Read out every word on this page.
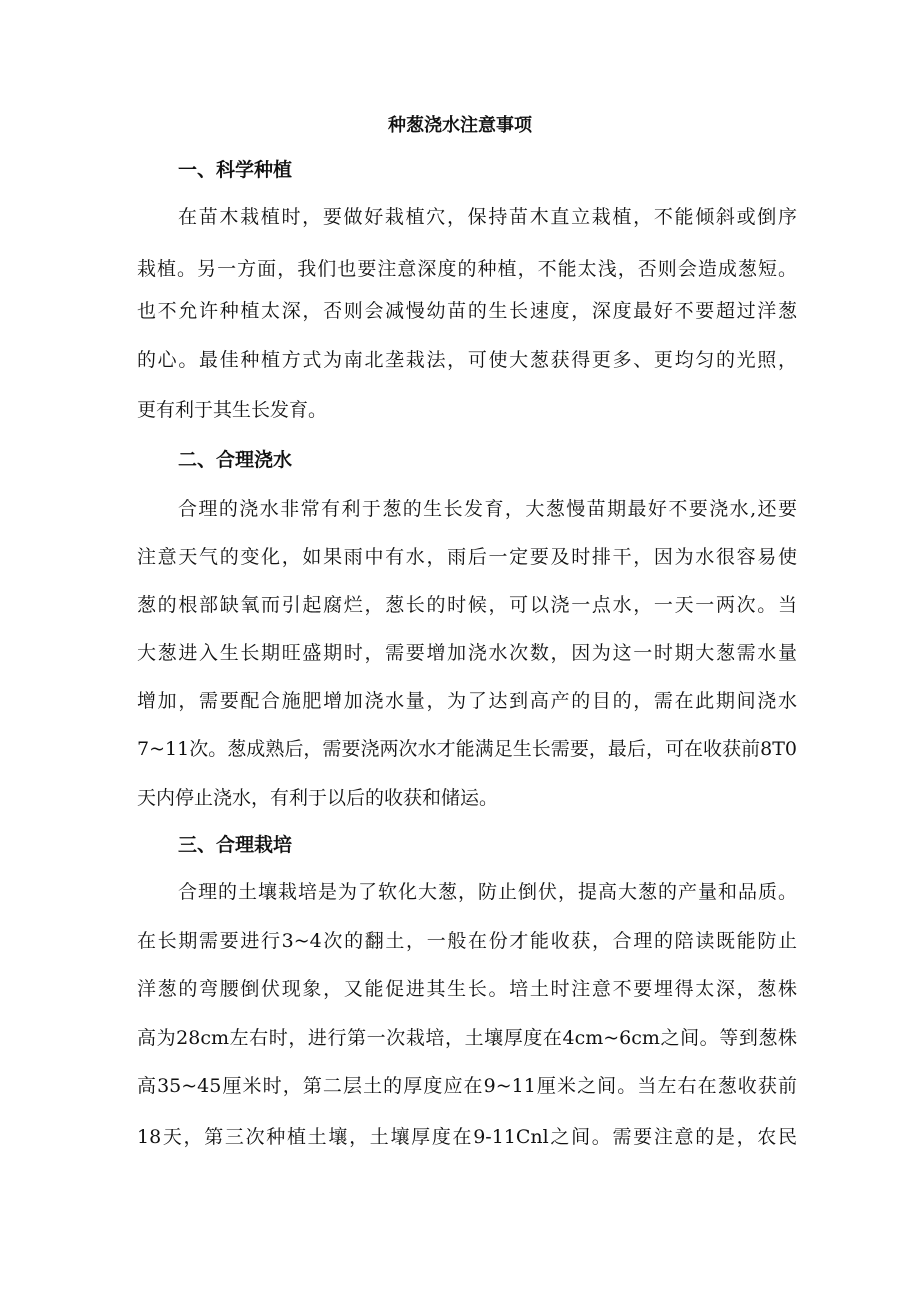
种葱浇水注意事项
一、科学种植

在苗木栽植时，要做好栽植穴，保持苗木直立栽植，不能倾斜或倒序

栽植。另一方面，我们也要注意深度的种植，不能太浅，否则会造成葱短。

也不允许种植太深，否则会减慢幼苗的生长速度，深度最好不要超过洋葱

的心。最佳种植方式为南北垄栽法，可使大葱获得更多、更均匀的光照，

更有利于其生长发育。

二、合理浇水

合理的浇水非常有利于葱的生长发育，大葱慢苗期最好不要浇水,还要

注意天气的变化，如果雨中有水，雨后一定要及时排干，因为水很容易使

葱的根部缺氧而引起腐烂，葱长的时候，可以浇一点水，一天一两次。当

大葱进入生长期旺盛期时，需要增加浇水次数，因为这一时期大葱需水量

增加，需要配合施肥增加浇水量，为了达到高产的目的，需在此期间浇水

7~11次。葱成熟后，需要浇两次水才能满足生长需要，最后，可在收获前8T0

天内停止浇水，有利于以后的收获和储运。

三、合理栽培

合理的土壤栽培是为了软化大葱，防止倒伏，提高大葱的产量和品质。

在长期需要进行3~4次的翻土，一般在份才能收获，合理的陪读既能防止

洋葱的弯腰倒伏现象，又能促进其生长。培土时注意不要埋得太深，葱株

高为28cm左右时，进行第一次栽培，土壤厚度在4cm~6cm之间。等到葱株

高35~45厘米时，第二层土的厚度应在9~11厘米之间。当左右在葱收获前

18天，第三次种植土壤，土壤厚度在9-11Cnl之间。需要注意的是，农民
